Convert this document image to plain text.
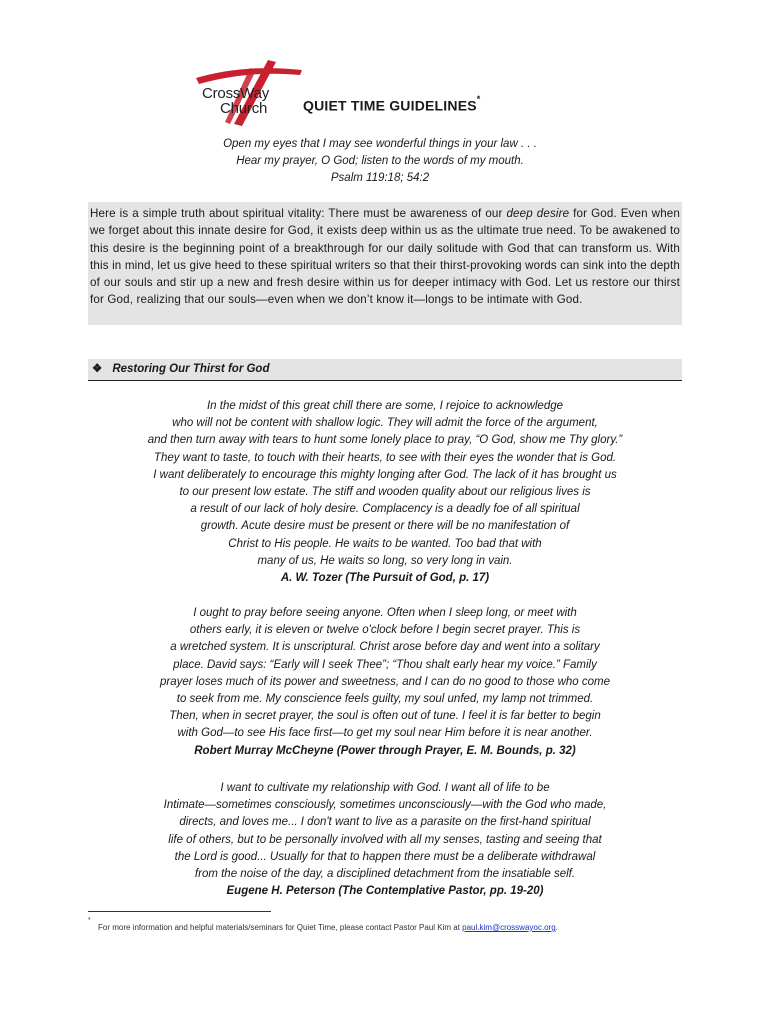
CrossWay
Church	QUIET TIME GUIDELINES*
Open my eyes that I may see wonderful things in your law . . .
Hear my prayer, O God; listen to the words of my mouth.
Psalm 119:18; 54:2
Here is a simple truth about spiritual vitality: There must be awareness of our deep desire for God. Even when we forget about this innate desire for God, it exists deep within us as the ultimate true need. To be awakened to this desire is the beginning point of a breakthrough for our daily solitude with God that can transform us. With this in mind, let us give heed to these spiritual writers so that their thirst-provoking words can sink into the depth of our souls and stir up a new and fresh desire within us for deeper intimacy with God. Let us restore our thirst for God, realizing that our souls—even when we don’t know it—longs to be intimate with God.
❖ Restoring Our Thirst for God

In the midst of this great chill there are some, I rejoice to acknowledge

who will not be content with shallow logic. They will admit the force of the argument,

and then turn away with tears to hunt some lonely place to pray, “O God, show me Thy glory.”

They want to taste, to touch with their hearts, to see with their eyes the wonder that is God.

I want deliberately to encourage this mighty longing after God. The lack of it has brought us

to our present low estate. The stiff and wooden quality about our religious lives is

a result of our lack of holy desire. Complacency is a deadly foe of all spiritual

growth. Acute desire must be present or there will be no manifestation of

Christ to His people. He waits to be wanted. Too bad that with

many of us, He waits so long, so very long in vain.

A. W. Tozer (The Pursuit of God, p. 17)

I ought to pray before seeing anyone. Often when I sleep long, or meet with

others early, it is eleven or twelve o'clock before I begin secret prayer. This is

a wretched system. It is unscriptural. Christ arose before day and went into a solitary

place. David says: “Early will I seek Thee”; “Thou shalt early hear my voice.” Family

prayer loses much of its power and sweetness, and I can do no good to those who come

to seek from me. My conscience feels guilty, my soul unfed, my lamp not trimmed.

Then, when in secret prayer, the soul is often out of tune. I feel it is far better to begin

with God—to see His face first—to get my soul near Him before it is near another.

Robert Murray McCheyne (Power through Prayer, E. M. Bounds, p. 32)

I want to cultivate my relationship with God. I want all of life to be

Intimate—sometimes consciously, sometimes unconsciously—with the God who made,

directs, and loves me... I don't want to live as a parasite on the first-hand spiritual

life of others, but to be personally involved with all my senses, tasting and seeing that

the Lord is good... Usually for that to happen there must be a deliberate withdrawal

from the noise of the day, a disciplined detachment from the insatiable self.

Eugene H. Peterson (The Contemplative Pastor, pp. 19-20)

*
For more information and helpful materials/seminars for Quiet Time, please contact Pastor Paul Kim at paul.kim@crosswayoc.org.
